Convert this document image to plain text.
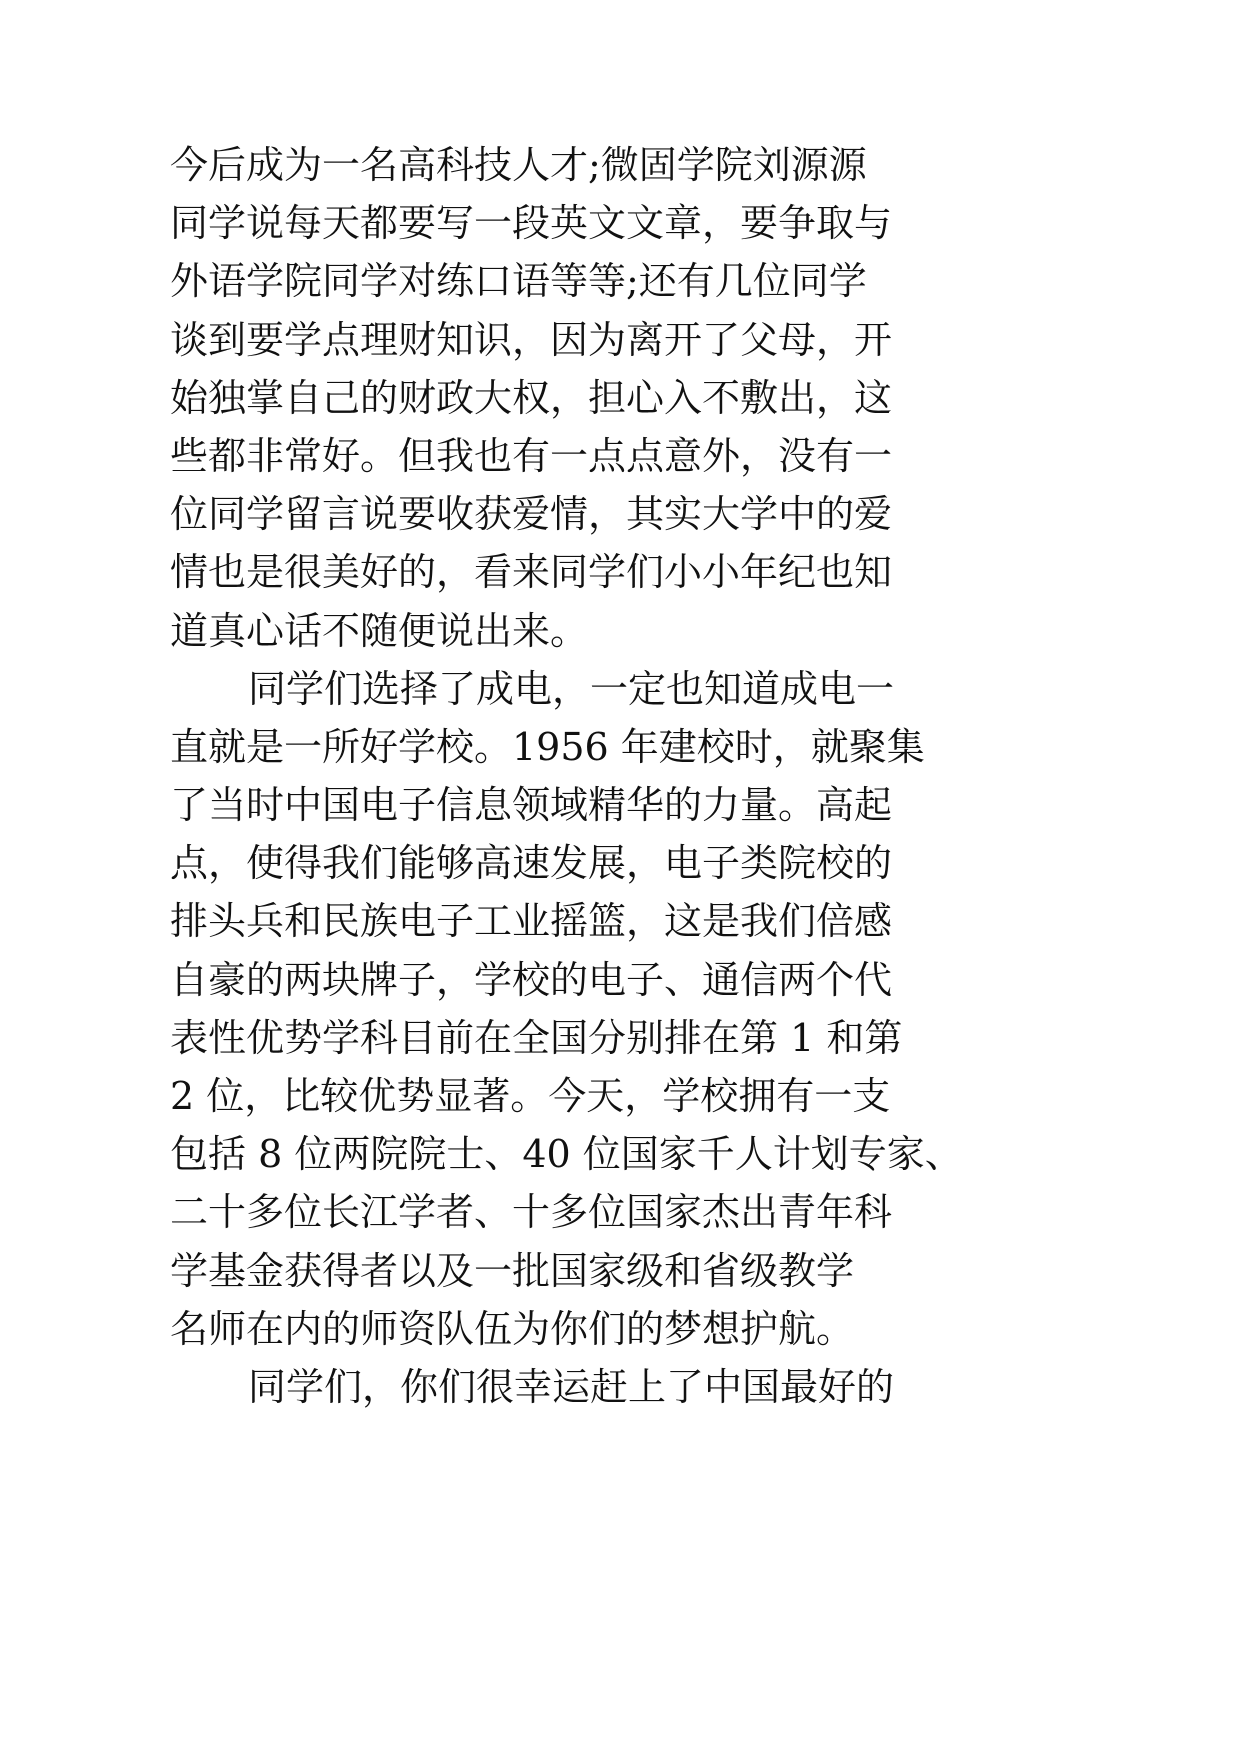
今后成为一名高科技人才;微固学院刘源源
同学说每天都要写一段英文文章，要争取与
外语学院同学对练口语等等;还有几位同学
谈到要学点理财知识，因为离开了父母，开
始独掌自己的财政大权，担心入不敷出，这
些都非常好。但我也有一点点意外，没有一
位同学留言说要收获爱情，其实大学中的爱
情也是很美好的，看来同学们小小年纪也知
道真心话不随便说出来。
同学们选择了成电，一定也知道成电一
直就是一所好学校。1956 年建校时，就聚集
了当时中国电子信息领域精华的力量。高起
点，使得我们能够高速发展，电子类院校的
排头兵和民族电子工业摇篮，这是我们倍感
自豪的两块牌子，学校的电子、通信两个代
表性优势学科目前在全国分别排在第 1 和第
2 位，比较优势显著。今天，学校拥有一支
包括 8 位两院院士、40 位国家千人计划专家、
二十多位长江学者、十多位国家杰出青年科
学基金获得者以及一批国家级和省级教学
名师在内的师资队伍为你们的梦想护航。
同学们，你们很幸运赶上了中国最好的
